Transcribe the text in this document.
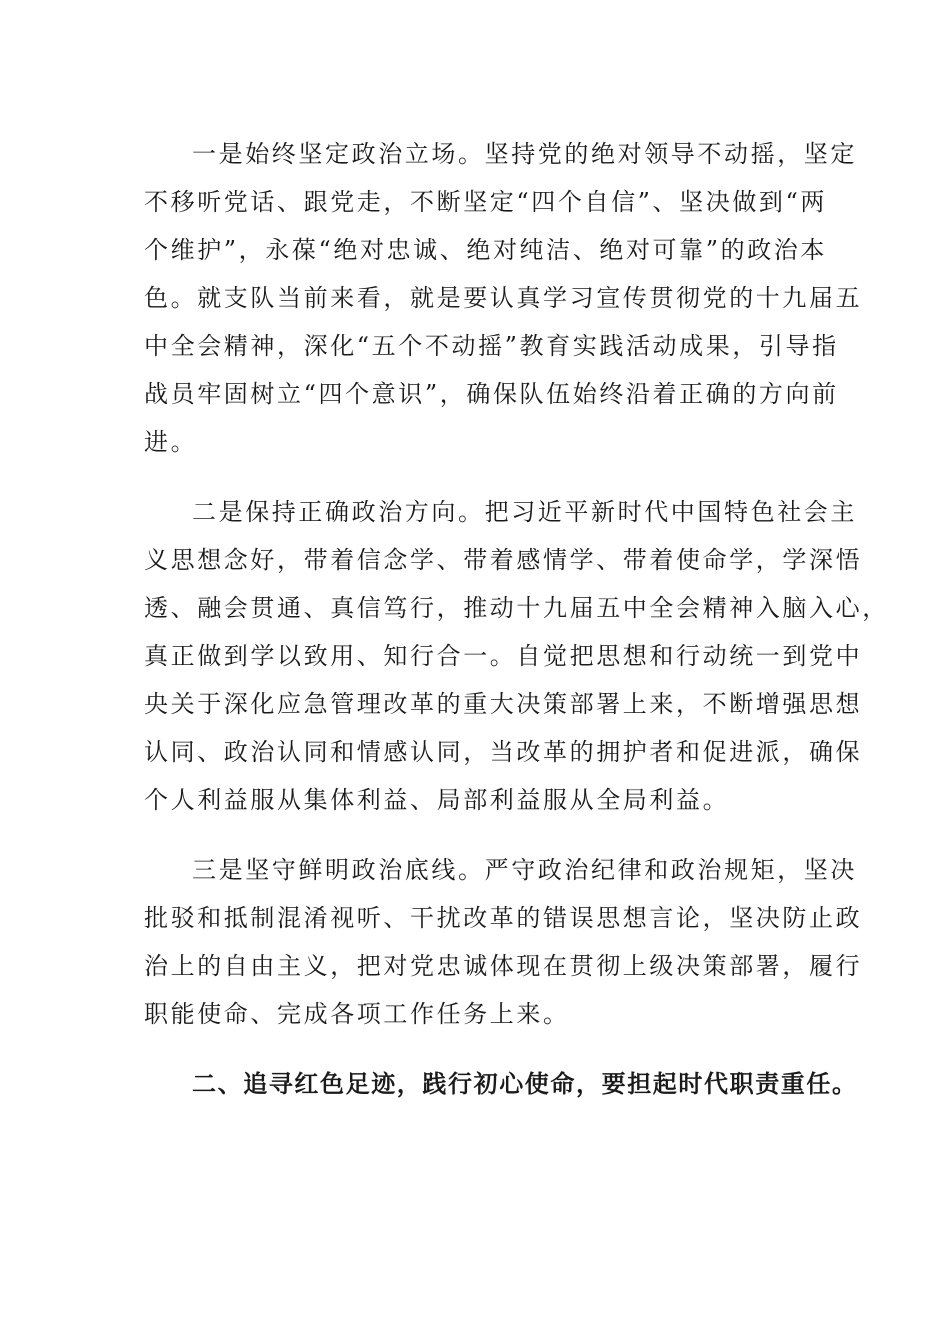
一是始终坚定政治立场。坚持党的绝对领导不动摇，坚定
不移听党话、跟党走，不断坚定“四个自信”、坚决做到“两
个维护”，永葆“绝对忠诚、绝对纯洁、绝对可靠”的政治本
色。就支队当前来看，就是要认真学习宣传贯彻党的十九届五
中全会精神，深化“五个不动摇”教育实践活动成果，引导指
战员牢固树立“四个意识”，确保队伍始终沿着正确的方向前
进。
二是保持正确政治方向。把习近平新时代中国特色社会主
义思想念好，带着信念学、带着感情学、带着使命学，学深悟
透、融会贯通、真信笃行，推动十九届五中全会精神入脑入心，
真正做到学以致用、知行合一。自觉把思想和行动统一到党中
央关于深化应急管理改革的重大决策部署上来，不断增强思想
认同、政治认同和情感认同，当改革的拥护者和促进派，确保
个人利益服从集体利益、局部利益服从全局利益。
三是坚守鲜明政治底线。严守政治纪律和政治规矩，坚决
批驳和抵制混淆视听、干扰改革的错误思想言论，坚决防止政
治上的自由主义，把对党忠诚体现在贯彻上级决策部署，履行
职能使命、完成各项工作任务上来。
二、追寻红色足迹，践行初心使命，要担起时代职责重任。
